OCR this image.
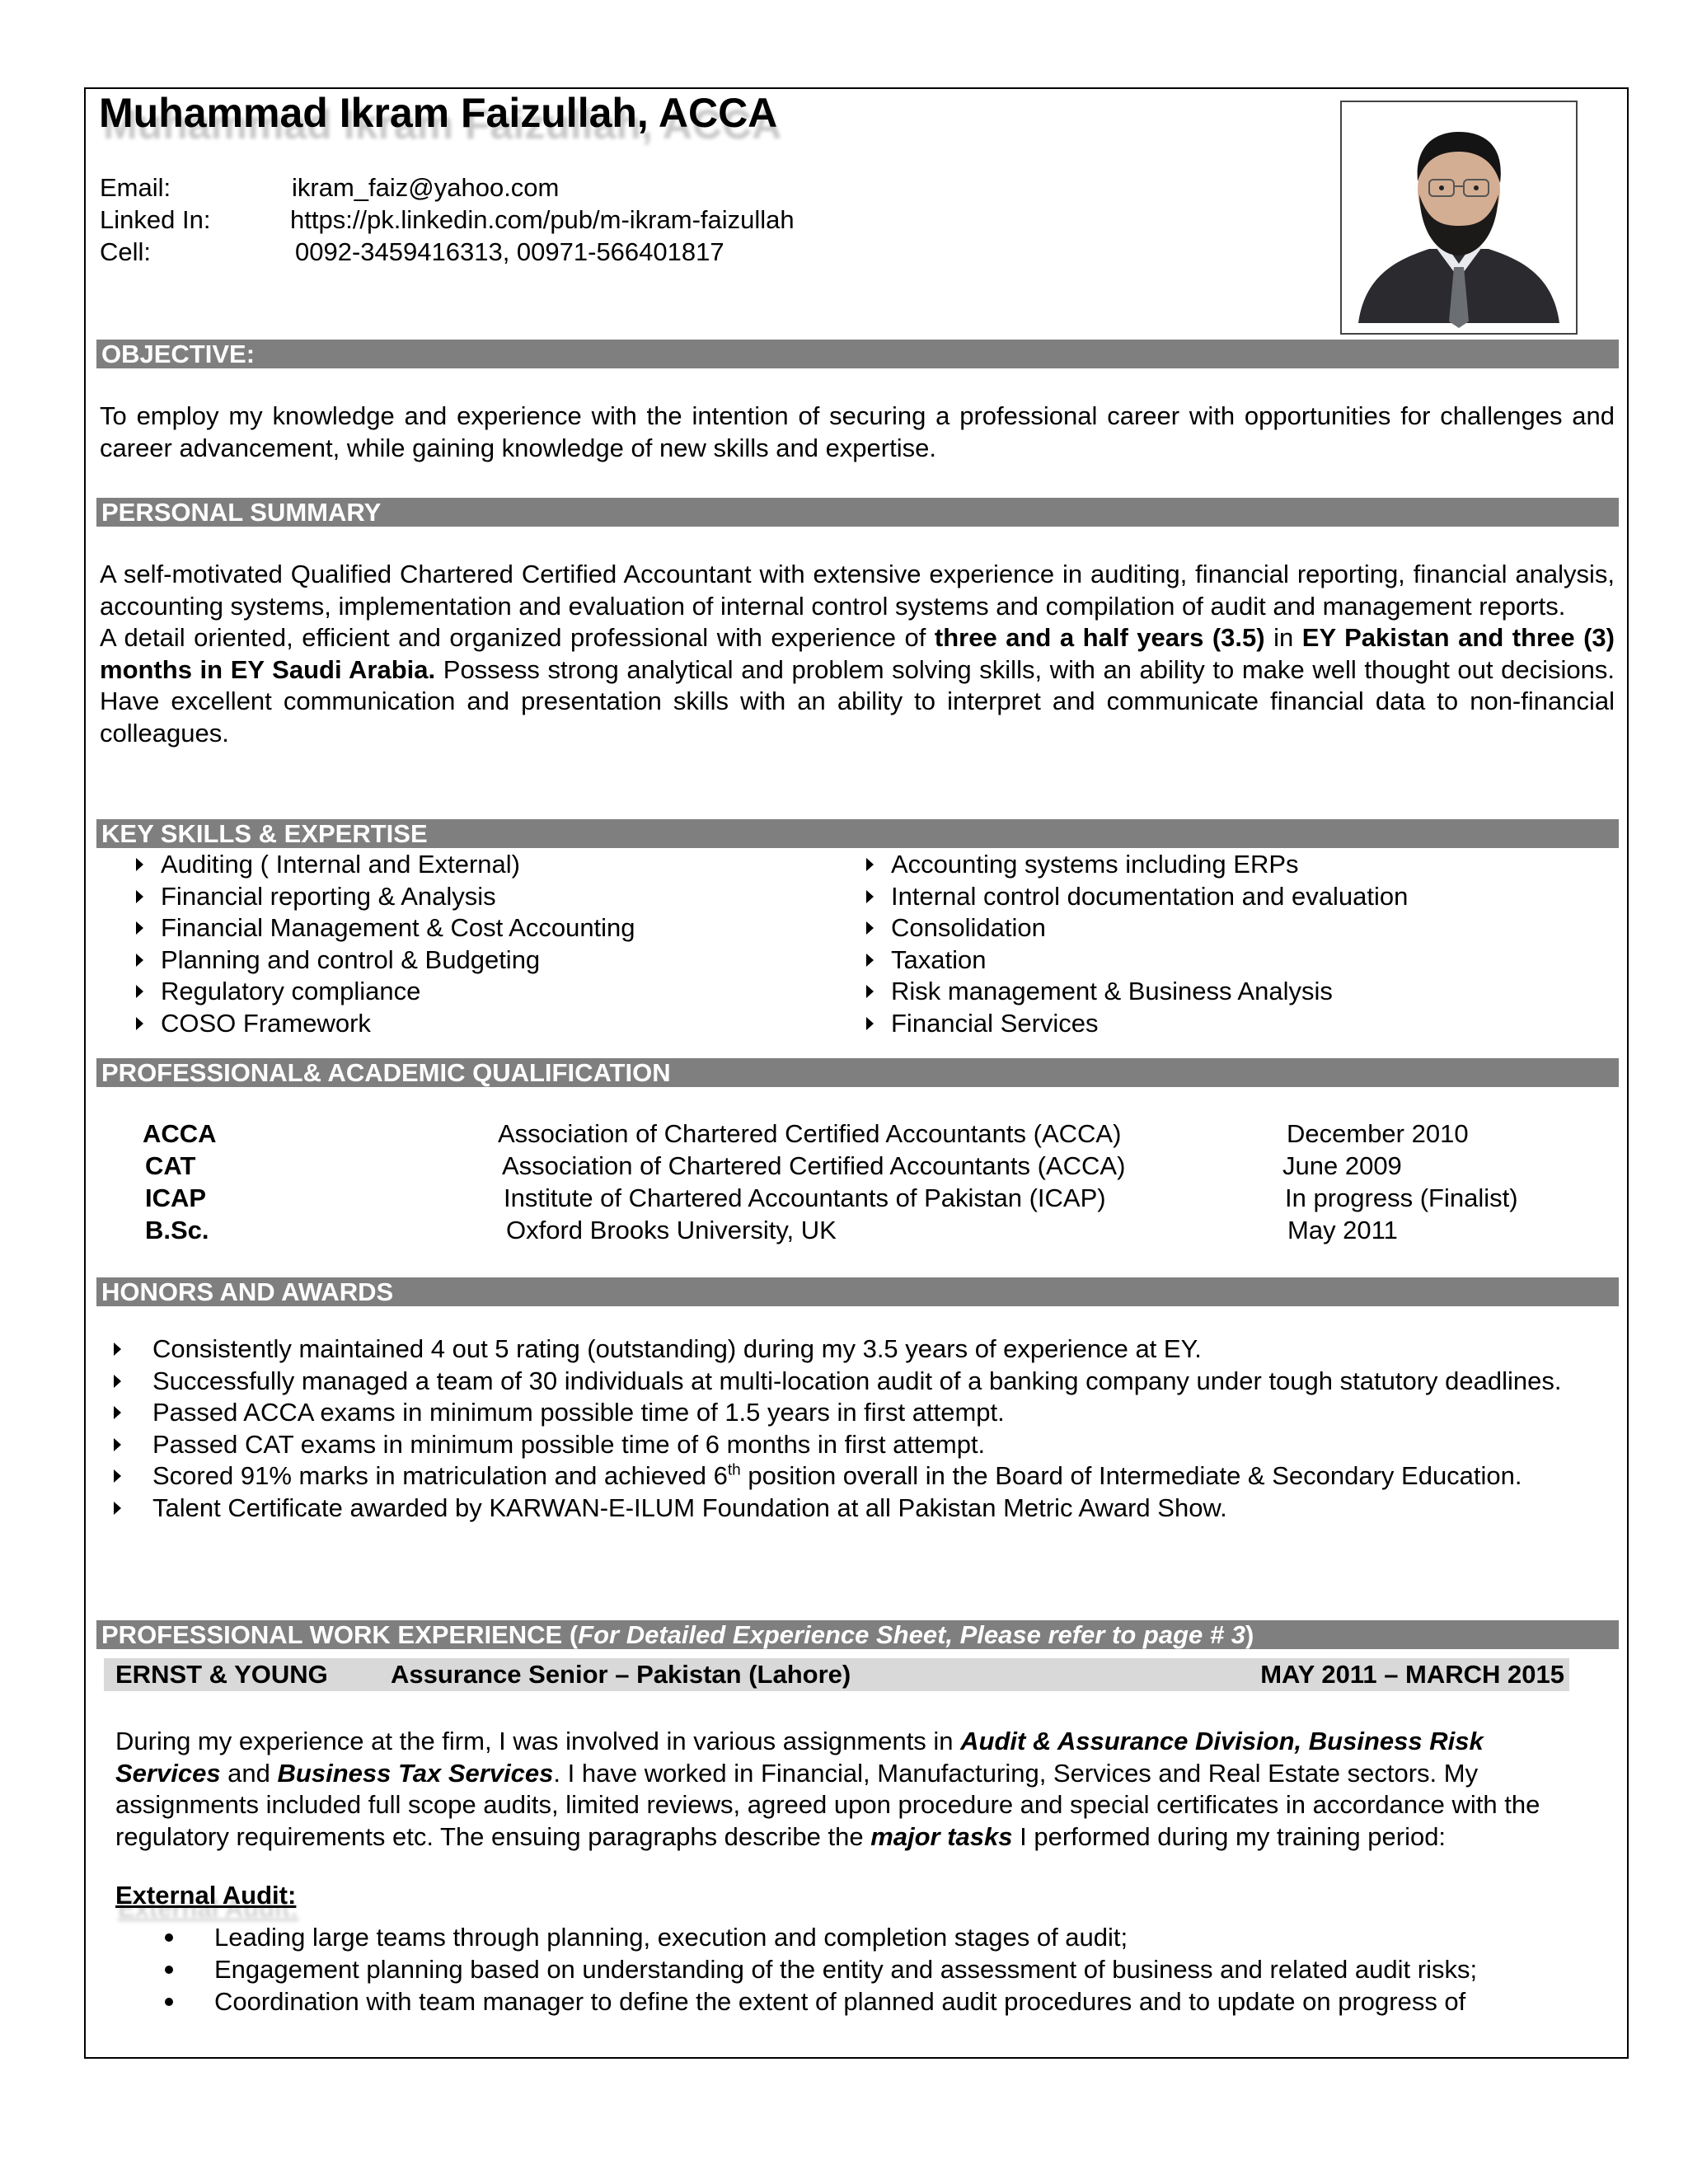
Muhammad Ikram Faizullah, ACCA
Email:	ikram_faiz@yahoo.com
Linked In:	https://pk.linkedin.com/pub/m-ikram-faizullah
Cell:	0092-3459416313, 00971-566401817
OBJECTIVE:

To employ my knowledge and experience with the intention of securing a professional career with opportunities for challenges and career advancement, while gaining knowledge of new skills and expertise.

PERSONAL SUMMARY

A self-motivated Qualified Chartered Certified Accountant with extensive experience in auditing, financial reporting, financial analysis, accounting systems, implementation and evaluation of internal control systems and compilation of audit and management reports.

A detail oriented, efficient and organized professional with experience of three and a half years (3.5) in EY Pakistan and three (3) months in EY Saudi Arabia. Possess strong analytical and problem solving skills, with an ability to make well thought out decisions. Have excellent communication and presentation skills with an ability to interpret and communicate financial data to non-financial colleagues.

KEY SKILLS & EXPERTISE
Auditing ( Internal and External)
Financial reporting & Analysis
Financial Management & Cost Accounting
Planning and control & Budgeting
Regulatory compliance
COSO Framework
Accounting systems including ERPs
Internal control documentation and evaluation
Consolidation
Taxation
Risk management & Business Analysis
Financial Services
PROFESSIONAL& ACADEMIC QUALIFICATION
ACCA	Association of Chartered Certified Accountants (ACCA)	December 2010
CAT	Association of Chartered Certified Accountants (ACCA)	June 2009
ICAP	Institute of Chartered Accountants of Pakistan (ICAP)	In progress (Finalist)
B.Sc.	Oxford Brooks University, UK	May 2011
HONORS AND AWARDS
Consistently maintained 4 out 5 rating (outstanding) during my 3.5 years of experience at EY.
Successfully managed a team of 30 individuals at multi-location audit of a banking company under tough statutory deadlines.
Passed ACCA exams in minimum possible time of 1.5 years in first attempt.
Passed CAT exams in minimum possible time of 6 months in first attempt.
Scored 91% marks in matriculation and achieved 6th position overall in the Board of Intermediate & Secondary Education.
Talent Certificate awarded by KARWAN-E-ILUM Foundation at all Pakistan Metric Award Show.
PROFESSIONAL WORK EXPERIENCE (For Detailed Experience Sheet, Please refer to page # 3)
ERNST & YOUNG Assurance Senior – Pakistan (Lahore)	MAY 2011 – MARCH 2015
During my experience at the firm, I was involved in various assignments in Audit & Assurance Division, Business Risk Services and Business Tax Services. I have worked in Financial, Manufacturing, Services and Real Estate sectors. My assignments included full scope audits, limited reviews, agreed upon procedure and special certificates in accordance with the regulatory requirements etc. The ensuing paragraphs describe the major tasks I performed during my training period:
External Audit:
Leading large teams through planning, execution and completion stages of audit;
Engagement planning based on understanding of the entity and assessment of business and related audit risks;
Coordination with team manager to define the extent of planned audit procedures and to update on progress of
